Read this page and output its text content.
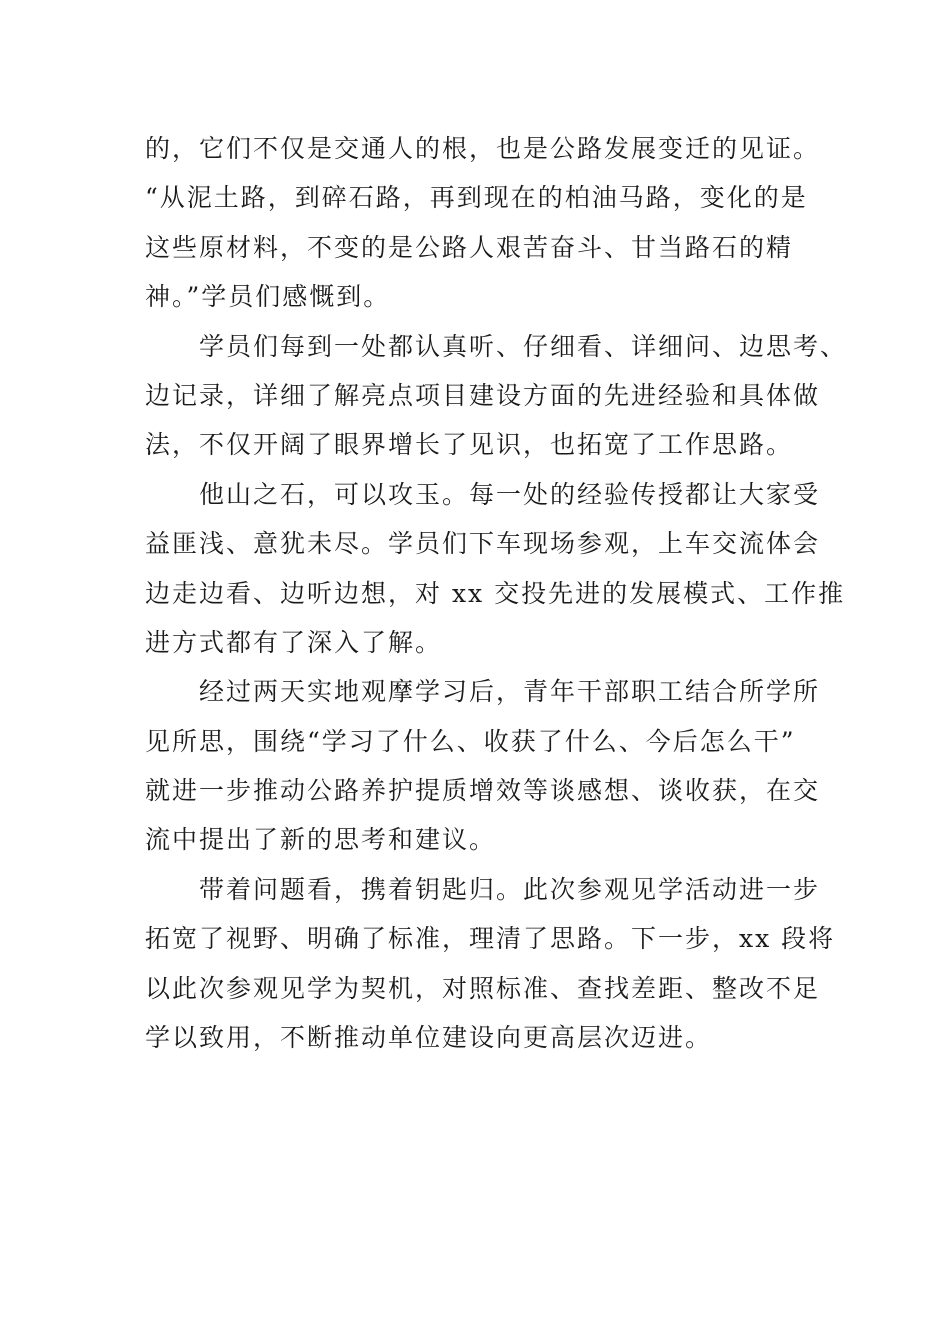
的，它们不仅是交通人的根，也是公路发展变迁的见证。
“从泥土路，到碎石路，再到现在的柏油马路，变化的是
这些原材料，不变的是公路人艰苦奋斗、甘当路石的精
神。”学员们感慨到。

学员们每到一处都认真听、仔细看、详细问、边思考、
边记录，详细了解亮点项目建设方面的先进经验和具体做
法，不仅开阔了眼界增长了见识，也拓宽了工作思路。

他山之石，可以攻玉。每一处的经验传授都让大家受
益匪浅、意犹未尽。学员们下车现场参观，上车交流体会
边走边看、边听边想，对 xx 交投先进的发展模式、工作推
进方式都有了深入了解。

经过两天实地观摩学习后，青年干部职工结合所学所
见所思，围绕“学习了什么、收获了什么、今后怎么干”
就进一步推动公路养护提质增效等谈感想、谈收获，在交
流中提出了新的思考和建议。

带着问题看，携着钥匙归。此次参观见学活动进一步
拓宽了视野、明确了标准，理清了思路。下一步，xx 段将
以此次参观见学为契机，对照标准、查找差距、整改不足
学以致用，不断推动单位建设向更高层次迈进。
